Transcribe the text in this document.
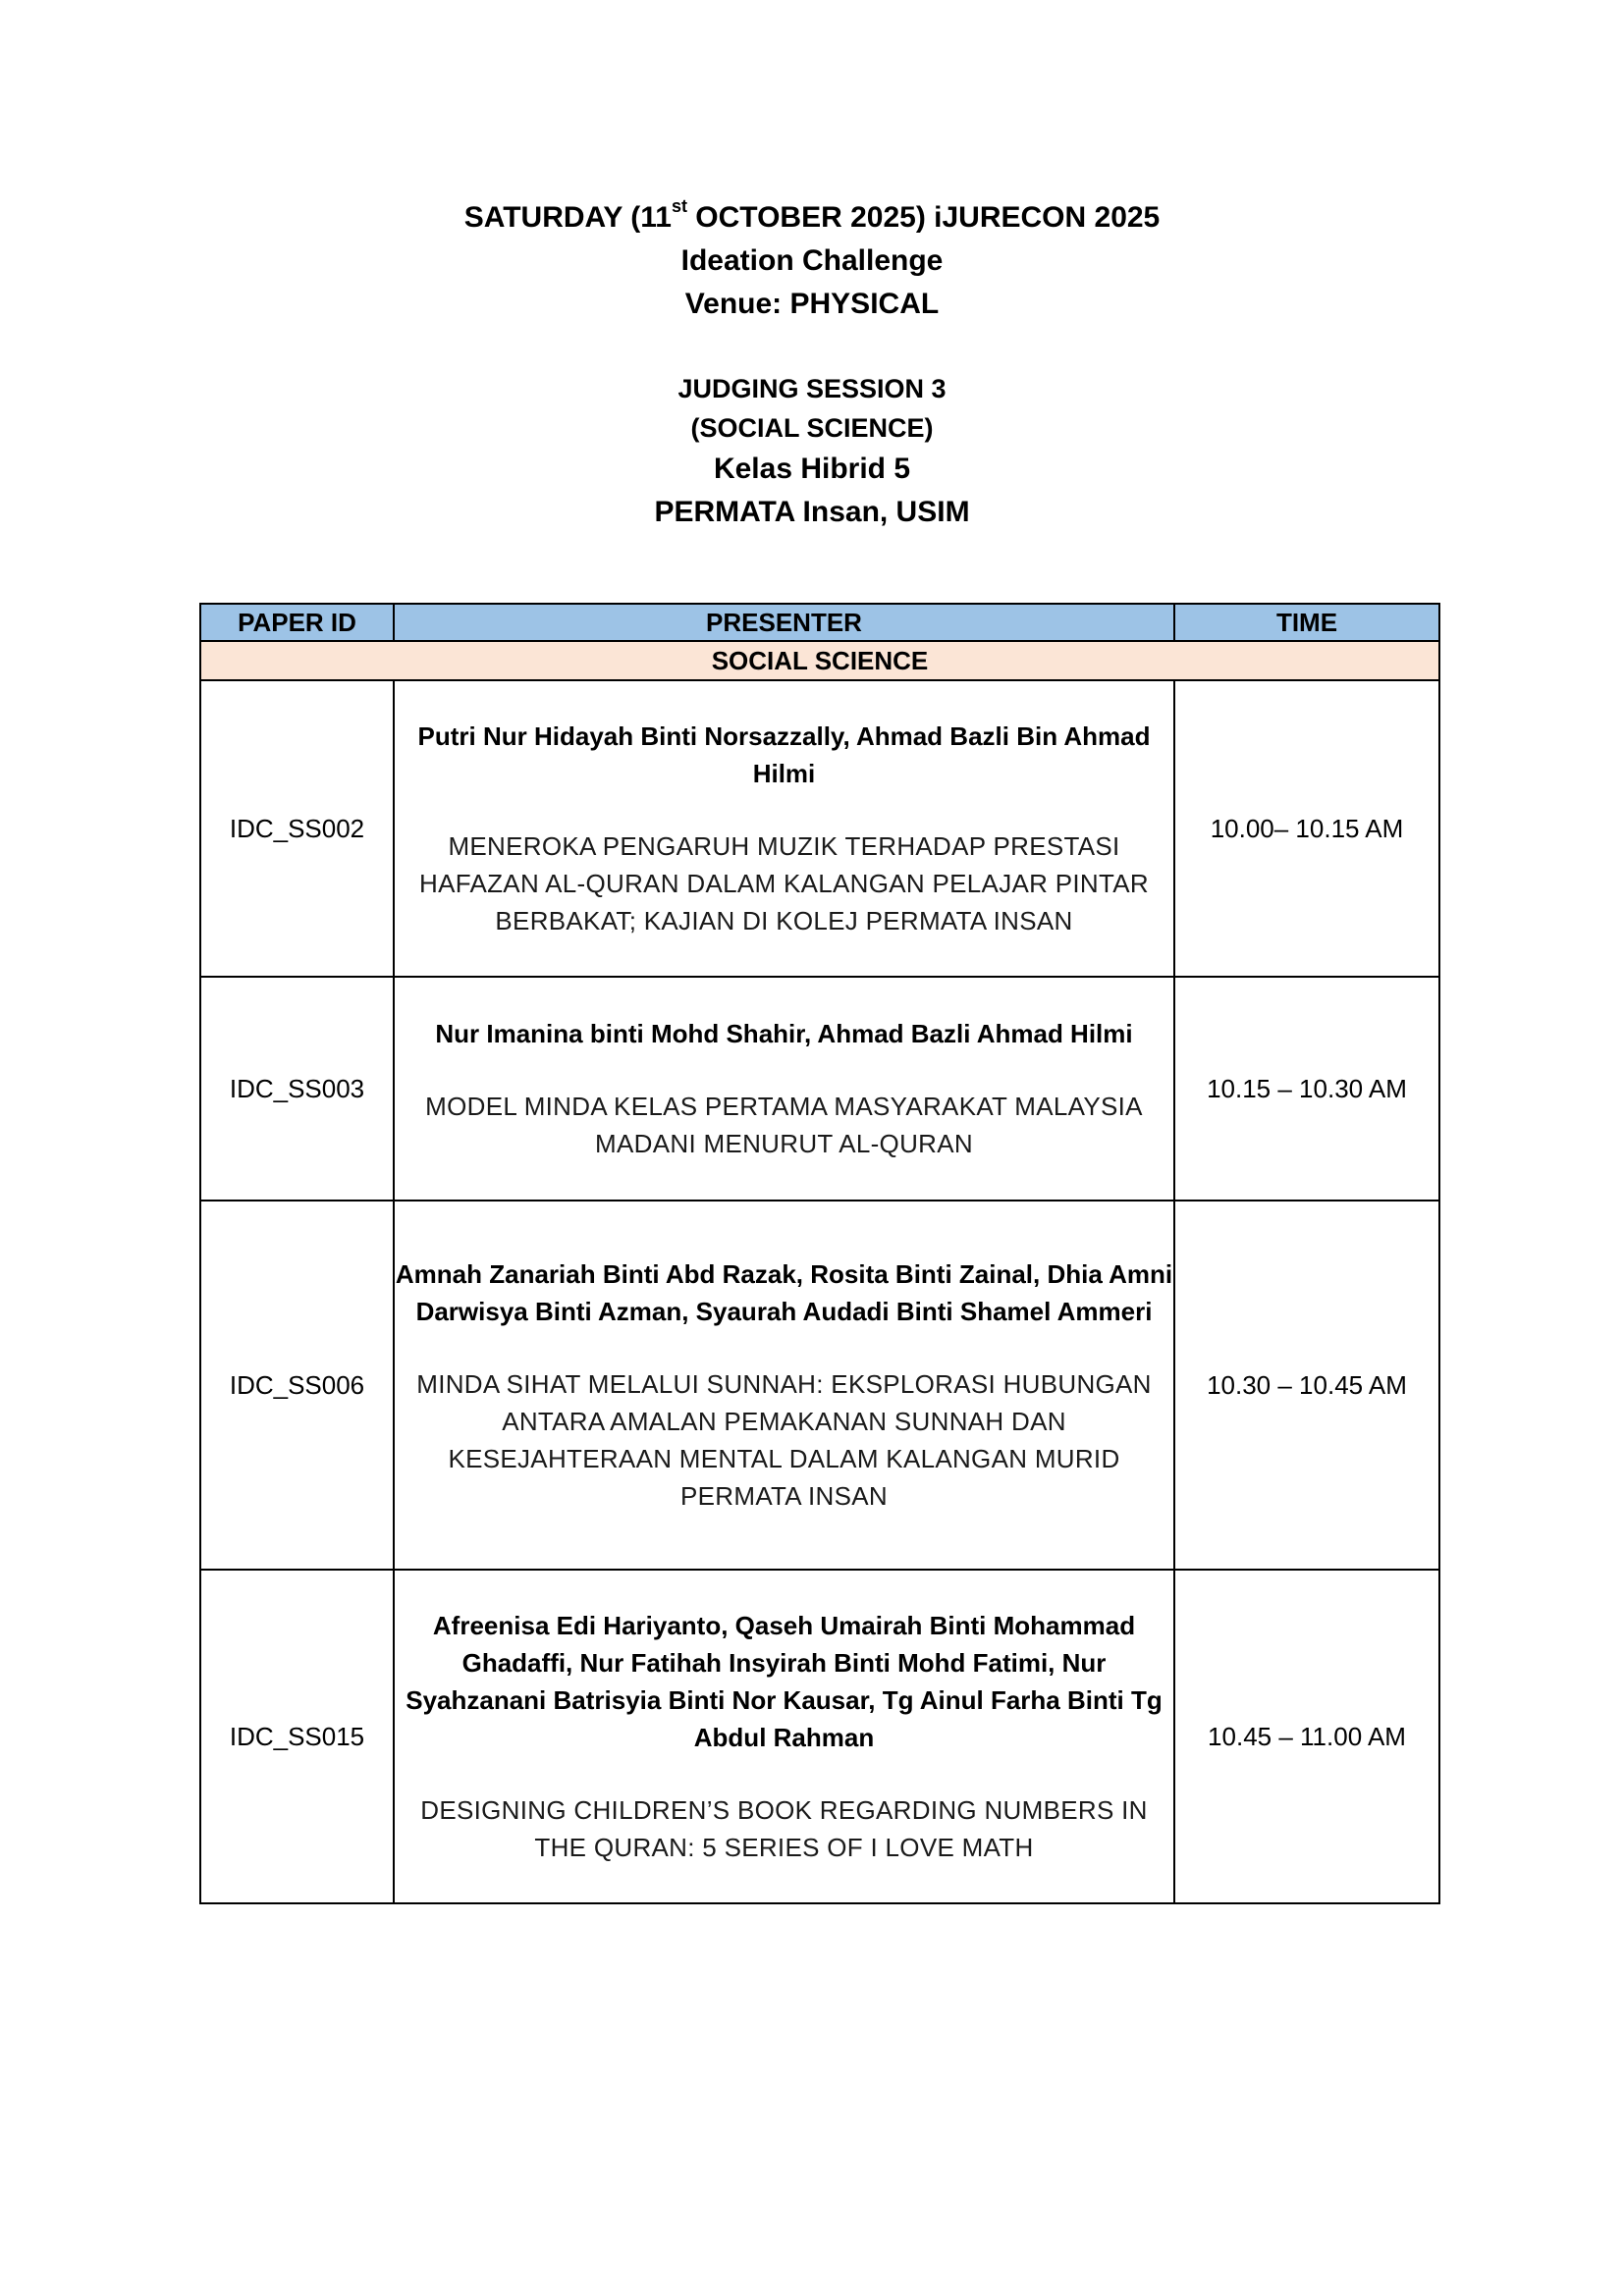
SATURDAY (11st OCTOBER 2025) iJURECON 2025
Ideation Challenge
Venue: PHYSICAL
JUDGING SESSION 3
(SOCIAL SCIENCE)
Kelas Hibrid 5
PERMATA Insan, USIM
PAPER ID	PRESENTER	TIME
SOCIAL SCIENCE		
IDC_SS002	Putri Nur Hidayah Binti Norsazzally, Ahmad Bazli Bin Ahmad Hilmi
MENEROKA PENGARUH MUZIK TERHADAP PRESTASI HAFAZAN AL-QURAN DALAM KALANGAN PELAJAR PINTAR BERBAKAT; KAJIAN DI KOLEJ PERMATA INSAN	10.00– 10.15 AM
IDC_SS003	Nur Imanina binti Mohd Shahir, Ahmad Bazli Ahmad Hilmi
MODEL MINDA KELAS PERTAMA MASYARAKAT MALAYSIA MADANI MENURUT AL-QURAN	10.15 – 10.30 AM
IDC_SS006	Amnah Zanariah Binti Abd Razak, Rosita Binti Zainal, Dhia Amni Darwisya Binti Azman, Syaurah Audadi Binti Shamel Ammeri
MINDA SIHAT MELALUI SUNNAH: EKSPLORASI HUBUNGAN ANTARA AMALAN PEMAKANAN SUNNAH DAN KESEJAHTERAAN MENTAL DALAM KALANGAN MURID PERMATA INSAN	10.30 – 10.45 AM
IDC_SS015	Afreenisa Edi Hariyanto, Qaseh Umairah Binti Mohammad Ghadaffi, Nur Fatihah Insyirah Binti Mohd Fatimi, Nur Syahzanani Batrisyia Binti Nor Kausar, Tg Ainul Farha Binti Tg Abdul Rahman
DESIGNING CHILDREN’S BOOK REGARDING NUMBERS IN THE QURAN: 5 SERIES OF I LOVE MATH	10.45 – 11.00 AM
